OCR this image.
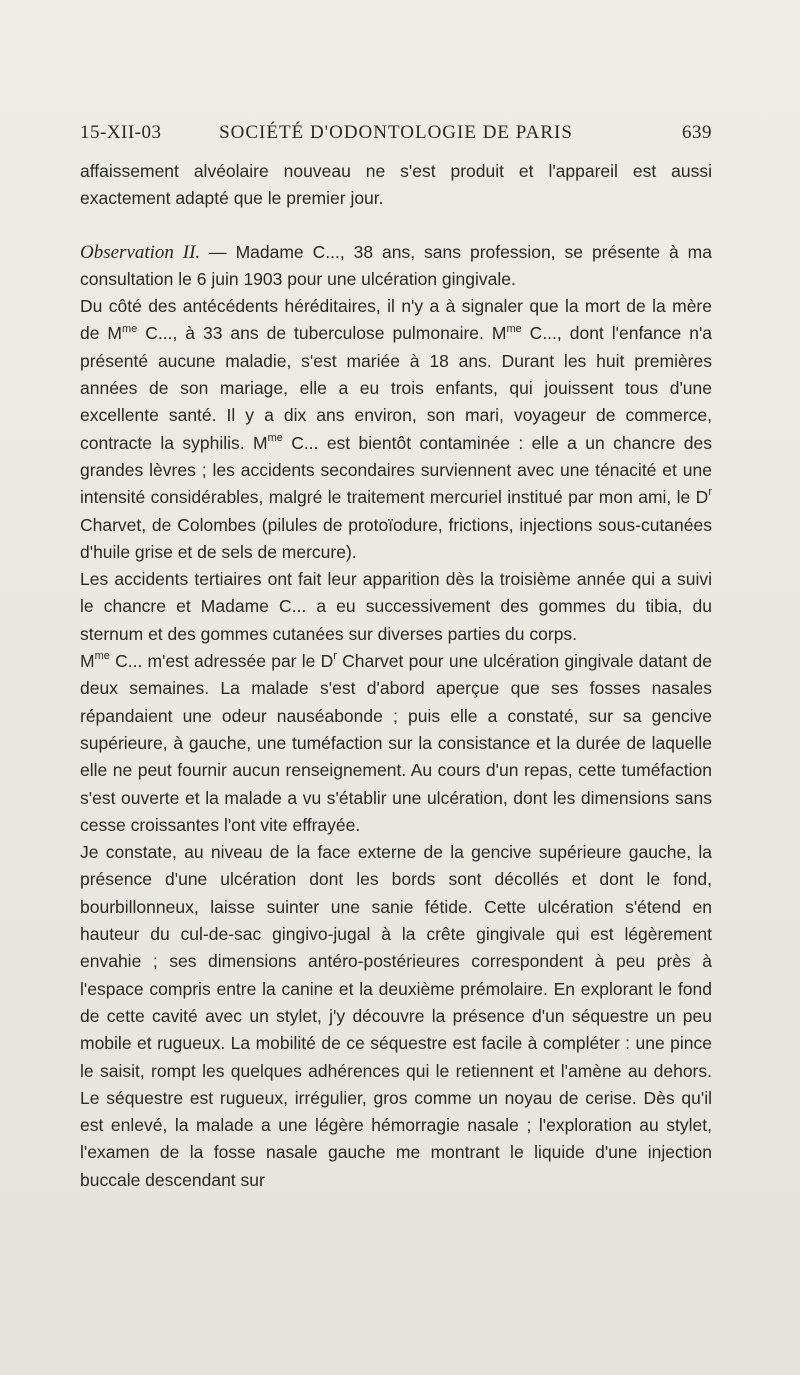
15-XII-03	SOCIÉTÉ D'ODONTOLOGIE DE PARIS	639

affaissement alvéolaire nouveau ne s'est produit et l'appareil est aussi exactement adapté que le premier jour.

Observation II. — Madame C..., 38 ans, sans profession, se présente à ma consultation le 6 juin 1903 pour une ulcération gingivale.

Du côté des antécédents héréditaires, il n'y a à signaler que la mort de la mère de $M^{me}$ C..., à 33 ans de tuberculose pulmonaire. $M^{me}$ C..., dont l'enfance n'a présenté aucune maladie, s'est mariée à 18 ans. Durant les huit premières années de son mariage, elle a eu trois enfants, qui jouissent tous d'une excellente santé. Il y a dix ans environ, son mari, voyageur de commerce, contracte la syphilis. $M^{me}$ C... est bientôt contaminée : elle a un chancre des grandes lèvres ; les accidents secondaires surviennent avec une ténacité et une intensité considérables, malgré le traitement mercuriel institué par mon ami, le $D^r$ Charvet, de Colombes (pilules de protoïodure, frictions, injections sous-cutanées d'huile grise et de sels de mercure).

Les accidents tertiaires ont fait leur apparition dès la troisième année qui a suivi le chancre et Madame C... a eu successivement des gommes du tibia, du sternum et des gommes cutanées sur diverses parties du corps.

$M^{me}$ C... m'est adressée par le $D^r$ Charvet pour une ulcération gingivale datant de deux semaines. La malade s'est d'abord aperçue que ses fosses nasales répandaient une odeur nauséabonde ; puis elle a constaté, sur sa gencive supérieure, à gauche, une tuméfaction sur la consistance et la durée de laquelle elle ne peut fournir aucun renseignement. Au cours d'un repas, cette tuméfaction s'est ouverte et la malade a vu s'établir une ulcération, dont les dimensions sans cesse croissantes l'ont vite effrayée.

Je constate, au niveau de la face externe de la gencive supérieure gauche, la présence d'une ulcération dont les bords sont décollés et dont le fond, bourbillonneux, laisse suinter une sanie fétide. Cette ulcération s'étend en hauteur du cul-de-sac gingivo-jugal à la crête gingivale qui est légèrement envahie ; ses dimensions antéro-postérieures correspondent à peu près à l'espace compris entre la canine et la deuxième prémolaire. En explorant le fond de cette cavité avec un stylet, j'y découvre la présence d'un séquestre un peu mobile et rugueux. La mobilité de ce séquestre est facile à compléter : une pince le saisit, rompt les quelques adhérences qui le retiennent et l'amène au dehors. Le séquestre est rugueux, irrégulier, gros comme un noyau de cerise. Dès qu'il est enlevé, la malade a une légère hémorragie nasale ; l'exploration au stylet, l'examen de la fosse nasale gauche me montrant le liquide d'une injection buccale descendant sur
